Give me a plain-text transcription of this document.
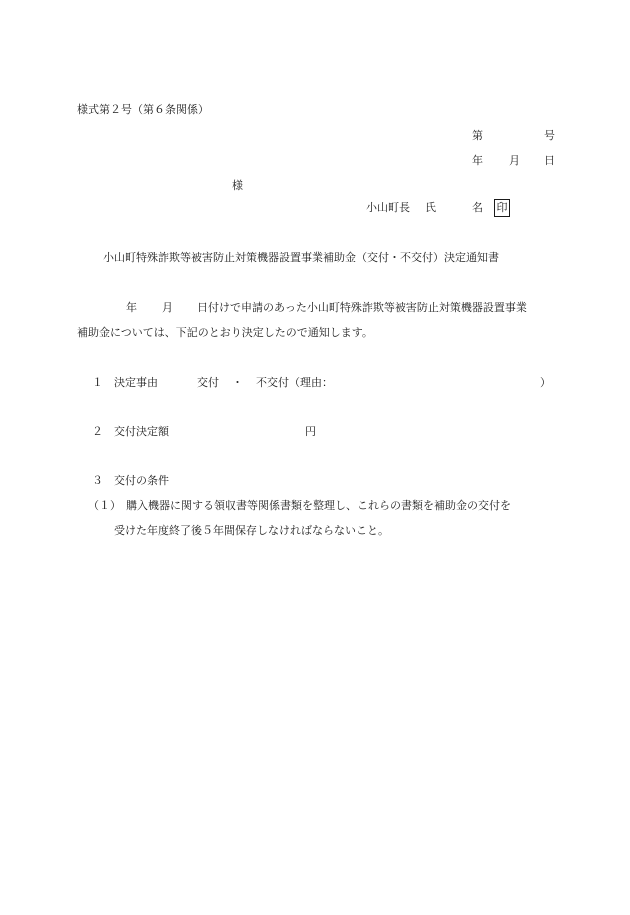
様式第２号（第６条関係）
第	号
年 月 日
様
小山町長 氏	名 印
小山町特殊詐欺等被害防止対策機器設置事業補助金（交付・不交付）決定通知書
年 月 日付けで申請のあった小山町特殊詐欺等被害防止対策機器設置事業
補助金については、下記のとおり決定したので通知します。
１ 決定事由	交付 ・ 不交付（理由：	）
２ 交付決定額	円
３ 交付の条件
（１） 購入機器に関する領収書等関係書類を整理し、これらの書類を補助金の交付を
受けた年度終了後５年間保存しなければならないこと。
